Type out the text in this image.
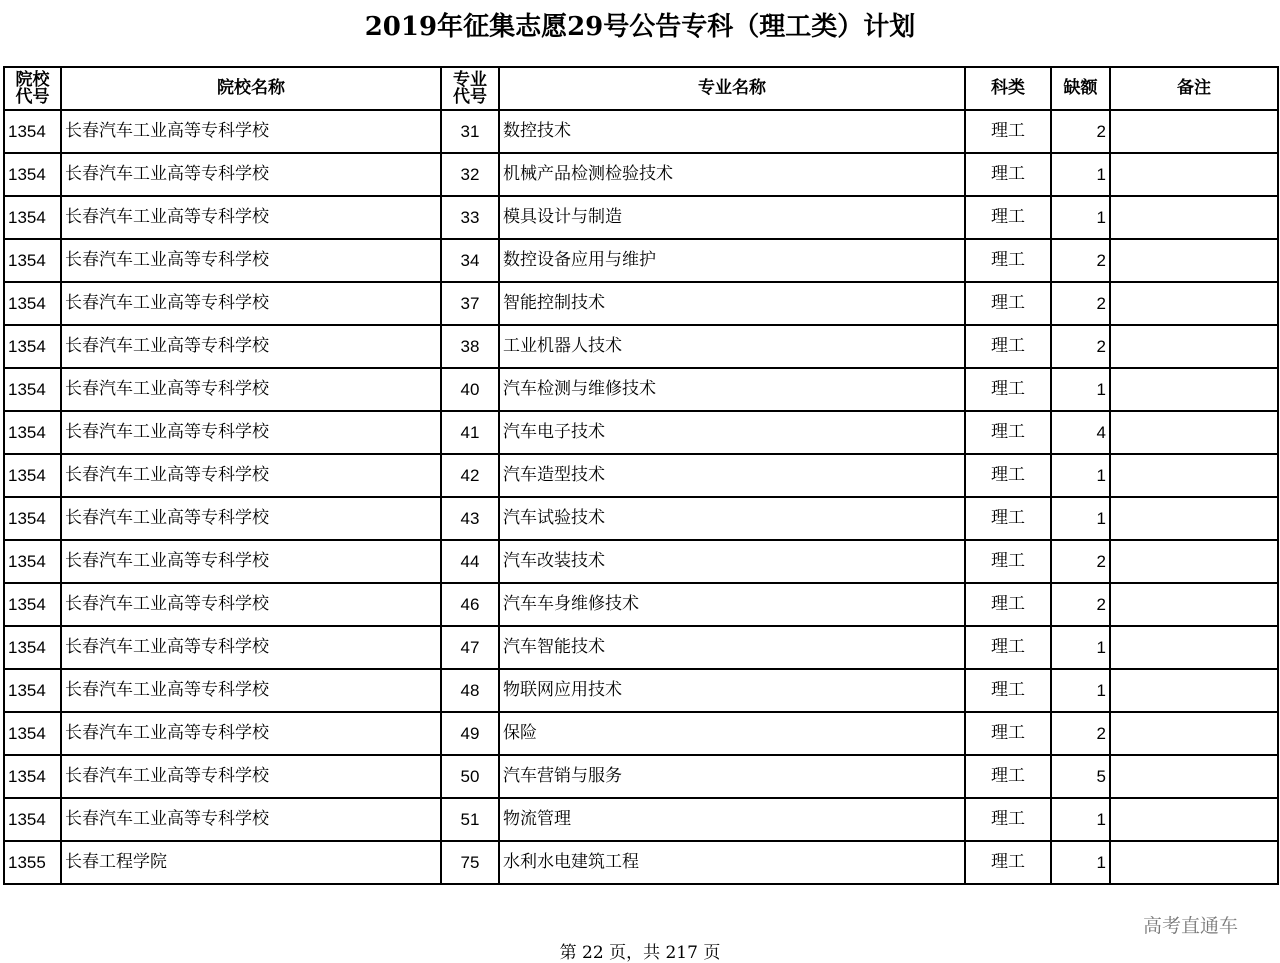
2019年征集志愿29号公告专科（理工类）计划
院校代号	院校名称	专业代号	专业名称	科类	缺额	备注
1354	长春汽车工业高等专科学校	31	数控技术	理工	2	
1354	长春汽车工业高等专科学校	32	机械产品检测检验技术	理工	1	
1354	长春汽车工业高等专科学校	33	模具设计与制造	理工	1	
1354	长春汽车工业高等专科学校	34	数控设备应用与维护	理工	2	
1354	长春汽车工业高等专科学校	37	智能控制技术	理工	2	
1354	长春汽车工业高等专科学校	38	工业机器人技术	理工	2	
1354	长春汽车工业高等专科学校	40	汽车检测与维修技术	理工	1	
1354	长春汽车工业高等专科学校	41	汽车电子技术	理工	4	
1354	长春汽车工业高等专科学校	42	汽车造型技术	理工	1	
1354	长春汽车工业高等专科学校	43	汽车试验技术	理工	1	
1354	长春汽车工业高等专科学校	44	汽车改装技术	理工	2	
1354	长春汽车工业高等专科学校	46	汽车车身维修技术	理工	2	
1354	长春汽车工业高等专科学校	47	汽车智能技术	理工	1	
1354	长春汽车工业高等专科学校	48	物联网应用技术	理工	1	
1354	长春汽车工业高等专科学校	49	保险	理工	2	
1354	长春汽车工业高等专科学校	50	汽车营销与服务	理工	5	
1354	长春汽车工业高等专科学校	51	物流管理	理工	1	
1355	长春工程学院	75	水利水电建筑工程	理工	1	
高考直通车
第 22 页，共 217 页
